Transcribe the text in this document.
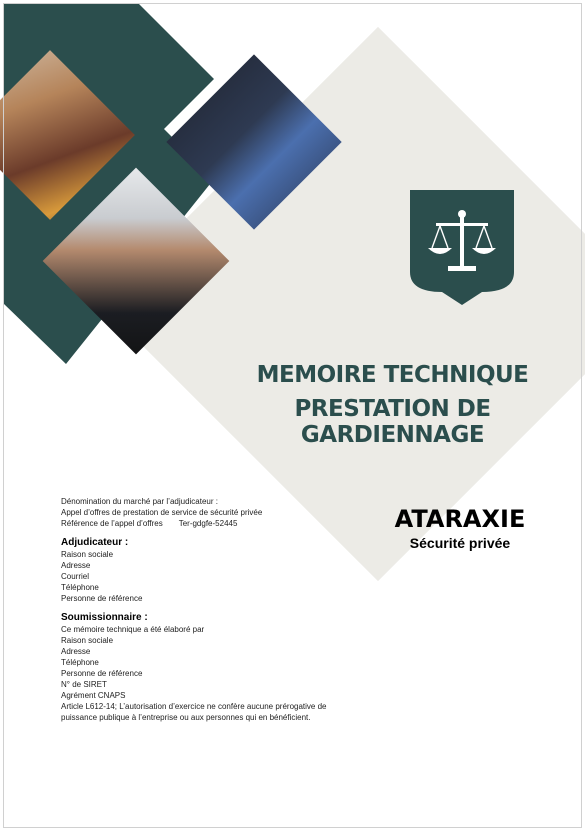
MEMOIRE TECHNIQUE
PRESTATION DE GARDIENNAGE
ATARAXIE
Sécurité privée
Dénomination du marché par l’adjudicateur :
Appel d’offres de prestation de service de sécurité privée
Référence de l’appel d’offres Ter-gdgfe-52445
Adjudicateur :
Raison sociale
Adresse
Courriel
Téléphone
Personne de référence
Soumissionnaire :
Ce mémoire technique a été élaboré par
Raison sociale
Adresse
Téléphone
Personne de référence
N° de SIRET
Agrément CNAPS
Article L612-14; L’autorisation d’exercice ne confère aucune prérogative de
puissance publique à l’entreprise ou aux personnes qui en bénéficient.
